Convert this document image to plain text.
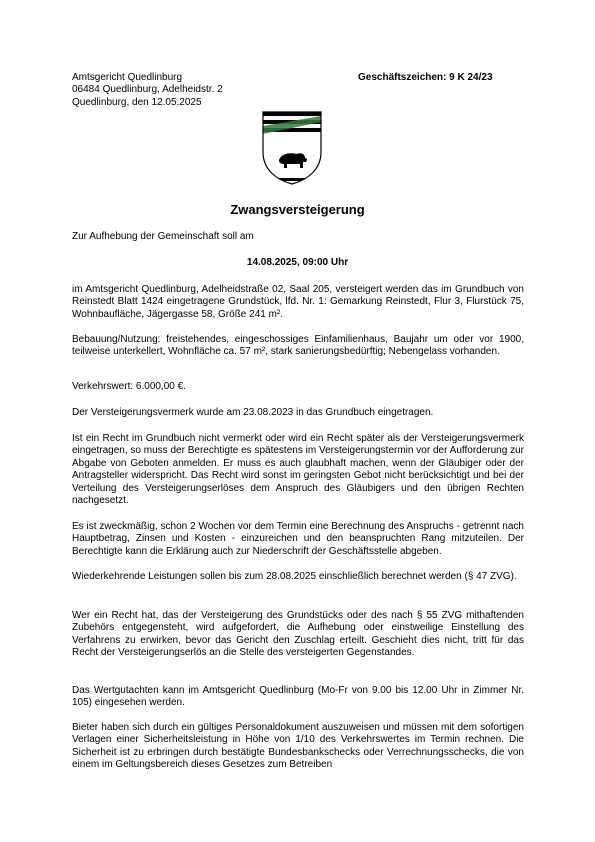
Amtsgericht Quedlinburg
06484 Quedlinburg, Adelheidstr. 2
Quedlinburg, den 12.05.2025
Geschäftszeichen: 9 K 24/23
Zwangsversteigerung
Zur Aufhebung der Gemeinschaft soll am
14.08.2025, 09:00 Uhr
im Amtsgericht Quedlinburg, Adelheidstraße 02, Saal 205, versteigert werden das im Grundbuch von Reinstedt Blatt 1424 eingetragene Grundstück, lfd. Nr. 1: Gemarkung Reinstedt, Flur 3, Flurstück 75, Wohnbaufläche, Jägergasse 58, Größe 241 m².
Bebauung/Nutzung: freistehendes, eingeschossiges Einfamilienhaus, Baujahr um oder vor 1900, teilweise unterkellert, Wohnfläche ca. 57 m², stark sanierungsbedürftig; Nebengelass vorhanden.
Verkehrswert: 6.000,00 €.
Der Versteigerungsvermerk wurde am 23.08.2023 in das Grundbuch eingetragen.
Ist ein Recht im Grundbuch nicht vermerkt oder wird ein Recht später als der Versteigerungsvermerk eingetragen, so muss der Berechtigte es spätestens im Versteigerungstermin vor der Aufforderung zur Abgabe von Geboten anmelden. Er muss es auch glaubhaft machen, wenn der Gläubiger oder der Antragsteller widerspricht. Das Recht wird sonst im geringsten Gebot nicht berücksichtigt und bei der Verteilung des Versteigerungserlöses dem Anspruch des Gläubigers und den übrigen Rechten nachgesetzt.
Es ist zweckmäßig, schon 2 Wochen vor dem Termin eine Berechnung des Anspruchs - getrennt nach Hauptbetrag, Zinsen und Kosten - einzureichen und den beanspruchten Rang mitzuteilen. Der Berechtigte kann die Erklärung auch zur Niederschrift der Geschäftsstelle abgeben.
Wiederkehrende Leistungen sollen bis zum 28.08.2025 einschließlich berechnet werden (§ 47 ZVG).
Wer ein Recht hat, das der Versteigerung des Grundstücks oder des nach § 55 ZVG mithaftenden Zubehörs entgegensteht, wird aufgefordert, die Aufhebung oder einstweilige Einstellung des Verfahrens zu erwirken, bevor das Gericht den Zuschlag erteilt. Geschieht dies nicht, tritt für das Recht der Versteigerungserlös an die Stelle des versteigerten Gegenstandes.
Das Wertgutachten kann im Amtsgericht Quedlinburg (Mo-Fr von 9.00 bis 12.00 Uhr in Zimmer Nr. 105) eingesehen werden.
Bieter haben sich durch ein gültiges Personaldokument auszuweisen und müssen mit dem sofortigen Verlagen einer Sicherheitsleistung in Höhe von 1/10 des Verkehrswertes im Termin rechnen. Die Sicherheit ist zu erbringen durch bestätigte Bundesbankschecks oder Verrechnungsschecks, die von einem im Geltungsbereich dieses Gesetzes zum Betreiben
